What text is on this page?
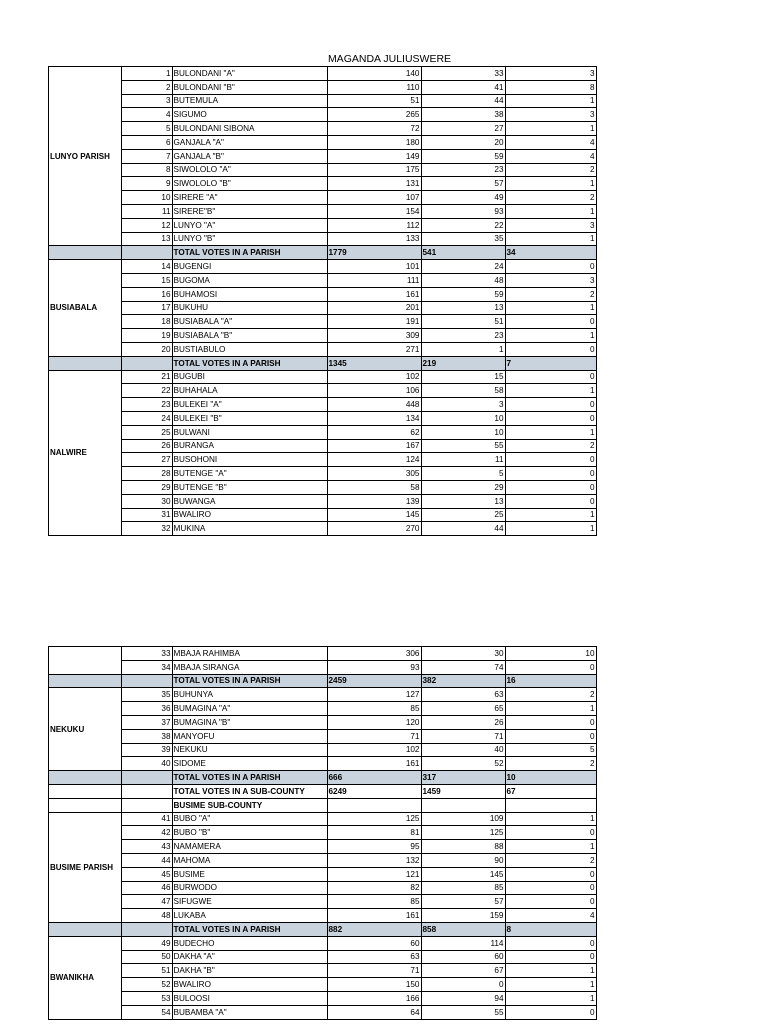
MAGANDA JULIUSWERE
LUNYO PARISH	1	BULONDANI "A"	140	33	3
	2	BULONDANI "B"	110	41	8
	3	BUTEMULA	51	44	1
	4	SIGUMO	265	38	3
	5	BULONDANI SIBONA	72	27	1
	6	GANJALA "A"	180	20	4
	7	GANJALA "B"	149	59	4
	8	SIWOLOLO "A"	175	23	2
	9	SIWOLOLO "B"	131	57	1
	10	SIRERE "A"	107	49	2
	11	SIRERE"B"	154	93	1
	12	LUNYO "A"	112	22	3
	13	LUNYO "B"	133	35	1
		TOTAL VOTES IN A PARISH	1779	541	34
BUSIABALA	14	BUGENGI	101	24	0
	15	BUGOMA	111	48	3
	16	BUHAMOSI	161	59	2
	17	BUKUHU	201	13	1
	18	BUSIABALA "A"	191	51	0
	19	BUSIABALA "B"	309	23	1
	20	BUSTIABULO	271	1	0
		TOTAL VOTES IN A PARISH	1345	219	7
NALWIRE	21	BUGUBI	102	15	0
	22	BUHAHALA	106	58	1
	23	BULEKEI "A"	448	3	0
	24	BULEKEI "B"	134	10	0
	25	BULWANI	62	10	1
	26	BURANGA	167	55	2
	27	BUSOHONI	124	11	0
	28	BUTENGE "A"	305	5	0
	29	BUTENGE "B"	58	29	0
	30	BUWANGA	139	13	0
	31	BWALIRO	145	25	1
	32	MUKINA	270	44	1
	33	MBAJA RAHIMBA	306	30	10
	34	MBAJA SIRANGA	93	74	0
		TOTAL VOTES IN A PARISH	2459	382	16
NEKUKU	35	BUHUNYA	127	63	2
	36	BUMAGINA "A"	85	65	1
	37	BUMAGINA "B"	120	26	0
	38	MANYOFU	71	71	0
	39	NEKUKU	102	40	5
	40	SIDOME	161	52	2
		TOTAL VOTES IN A PARISH	666	317	10
		TOTAL VOTES IN A SUB-COUNTY	6249	1459	67
		BUSIME SUB-COUNTY			
BUSIME PARISH	41	BUBO "A"	125	109	1
	42	BUBO "B"	81	125	0
	43	NAMAMERA	95	88	1
	44	MAHOMA	132	90	2
	45	BUSIME	121	145	0
	46	BURWODO	82	85	0
	47	SIFUGWE	85	57	0
	48	LUKABA	161	159	4
		TOTAL VOTES IN A PARISH	882	858	8
BWANIKHA	49	BUDECHO	60	114	0
	50	DAKHA "A"	63	60	0
	51	DAKHA "B"	71	67	1
	52	BWALIRO	150	0	1
	53	BULOOSI	166	94	1
	54	BUBAMBA "A"	64	55	0
